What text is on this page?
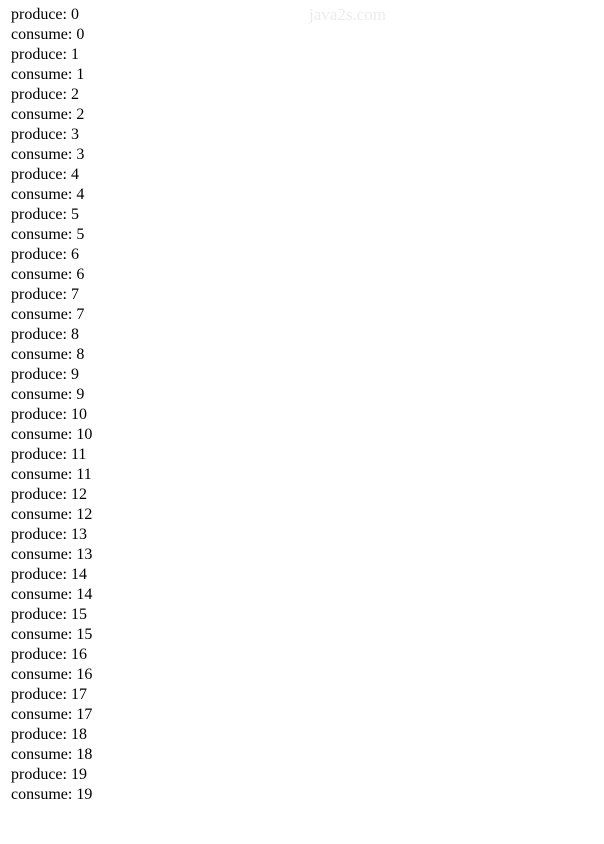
java2s.com
produce: 0
consume: 0
produce: 1
consume: 1
produce: 2
consume: 2
produce: 3
consume: 3
produce: 4
consume: 4
produce: 5
consume: 5
produce: 6
consume: 6
produce: 7
consume: 7
produce: 8
consume: 8
produce: 9
consume: 9
produce: 10
consume: 10
produce: 11
consume: 11
produce: 12
consume: 12
produce: 13
consume: 13
produce: 14
consume: 14
produce: 15
consume: 15
produce: 16
consume: 16
produce: 17
consume: 17
produce: 18
consume: 18
produce: 19
consume: 19
